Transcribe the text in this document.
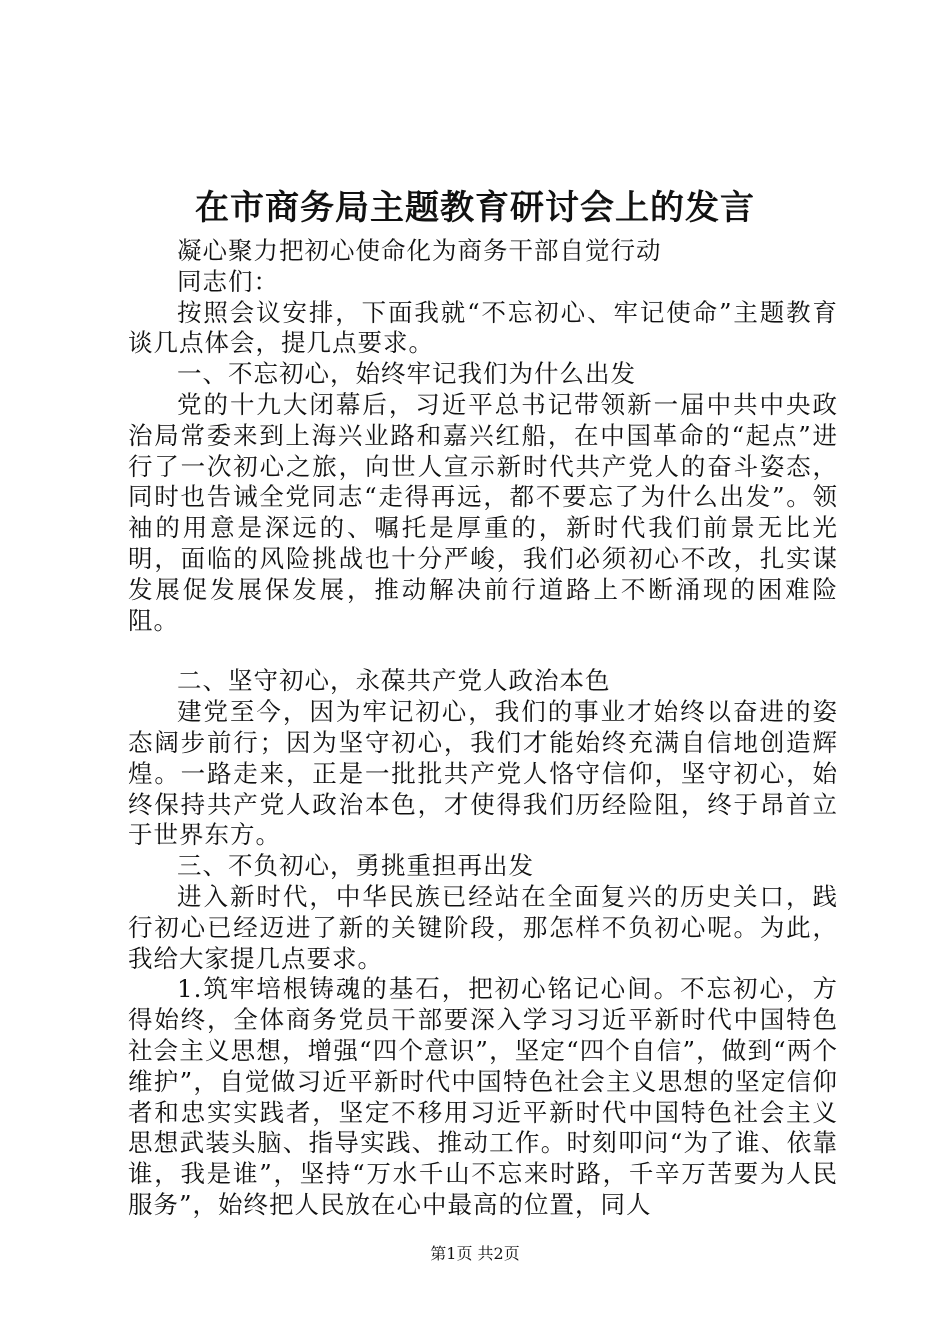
在市商务局主题教育研讨会上的发言

凝心聚力把初心使命化为商务干部自觉行动

同志们：

按照会议安排，下面我就“不忘初心、牢记使命”主题教育谈几点体会，提几点要求。

一、不忘初心，始终牢记我们为什么出发

党的十九大闭幕后，习近平总书记带领新一届中共中央政治局常委来到上海兴业路和嘉兴红船，在中国革命的“起点”进行了一次初心之旅，向世人宣示新时代共产党人的奋斗姿态，同时也告诫全党同志“走得再远，都不要忘了为什么出发”。领袖的用意是深远的、嘱托是厚重的，新时代我们前景无比光明，面临的风险挑战也十分严峻，我们必须初心不改，扎实谋发展促发展保发展，推动解决前行道路上不断涌现的困难险阻。

二、坚守初心，永葆共产党人政治本色

建党至今，因为牢记初心，我们的事业才始终以奋进的姿态阔步前行；因为坚守初心，我们才能始终充满自信地创造辉煌。一路走来，正是一批批共产党人恪守信仰，坚守初心，始终保持共产党人政治本色，才使得我们历经险阻，终于昂首立于世界东方。

三、不负初心，勇挑重担再出发

进入新时代，中华民族已经站在全面复兴的历史关口，践行初心已经迈进了新的关键阶段，那怎样不负初心呢。为此，我给大家提几点要求。

1.筑牢培根铸魂的基石，把初心铭记心间。不忘初心，方得始终，全体商务党员干部要深入学习习近平新时代中国特色社会主义思想，增强“四个意识”，坚定“四个自信”，做到“两个维护”，自觉做习近平新时代中国特色社会主义思想的坚定信仰者和忠实实践者，坚定不移用习近平新时代中国特色社会主义思想武装头脑、指导实践、推动工作。时刻叩问“为了谁、依靠谁，我是谁”，坚持“万水千山不忘来时路，千辛万苦要为人民服务”，始终把人民放在心中最高的位置，同人

第1页 共2页
